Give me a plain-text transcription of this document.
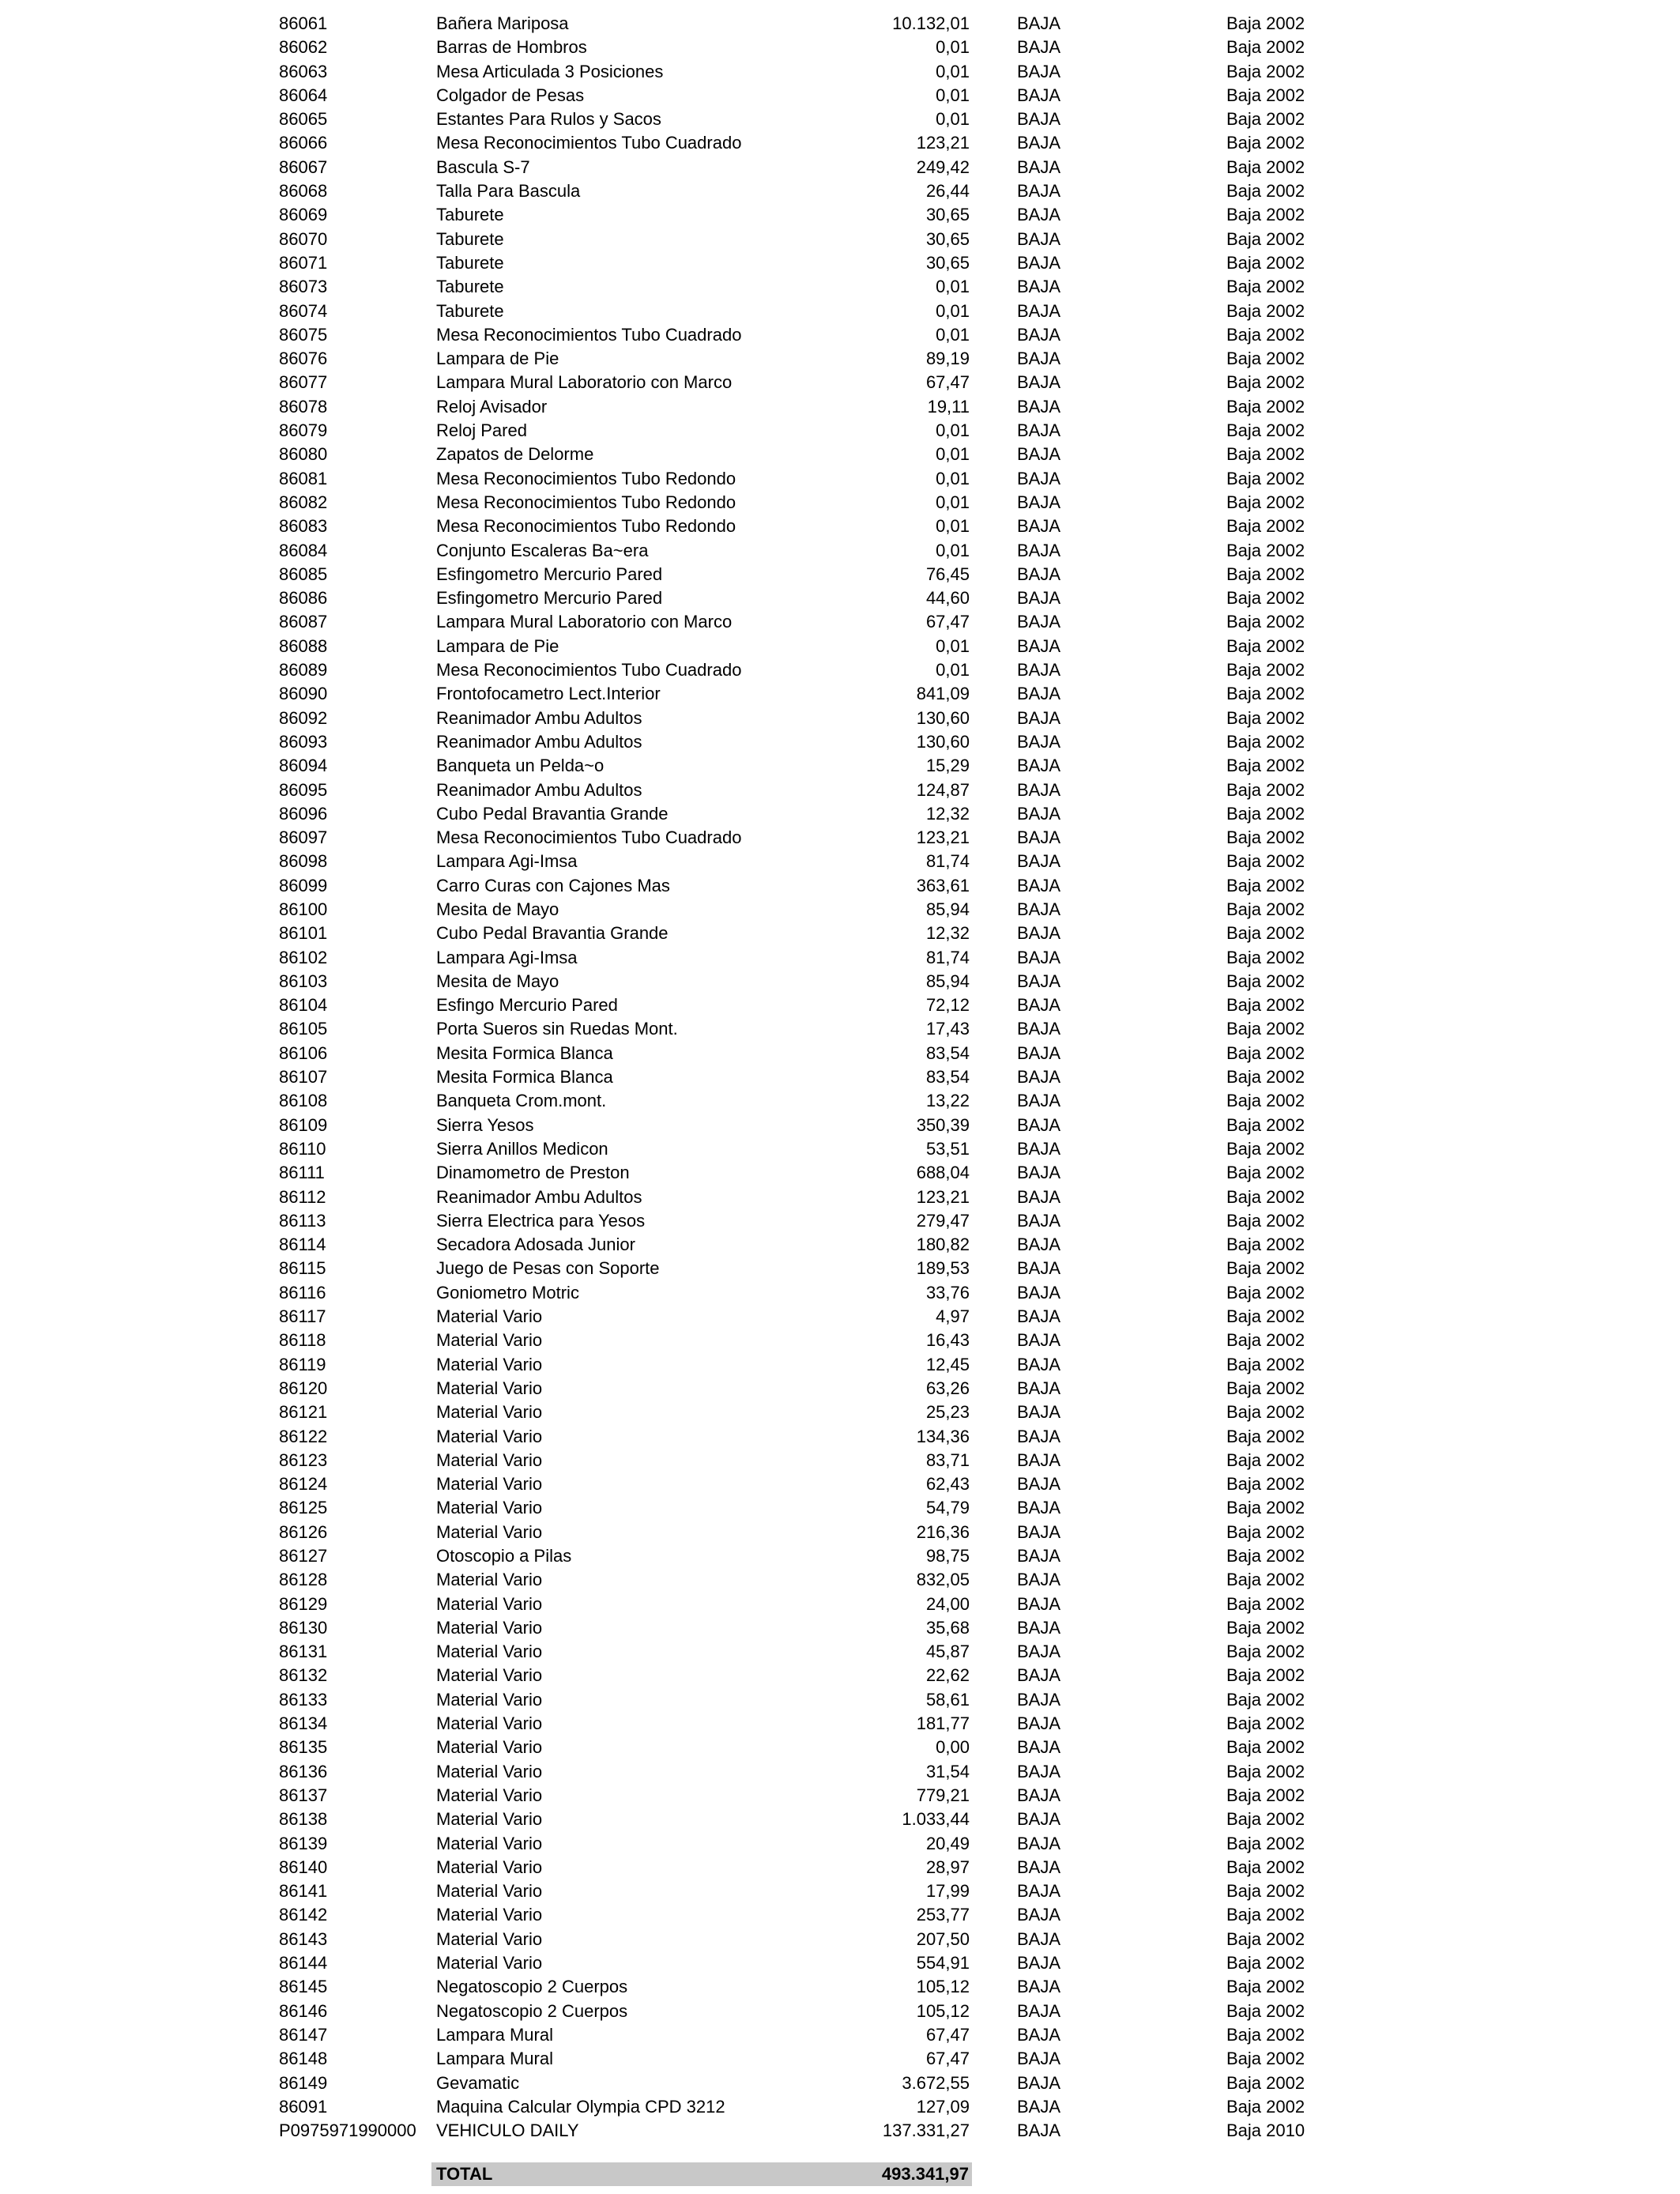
86061	Bañera Mariposa	10.132,01	BAJA	Baja 2002
86062	Barras de Hombros	0,01	BAJA	Baja 2002
86063	Mesa Articulada 3 Posiciones	0,01	BAJA	Baja 2002
86064	Colgador de Pesas	0,01	BAJA	Baja 2002
86065	Estantes Para Rulos y Sacos	0,01	BAJA	Baja 2002
86066	Mesa Reconocimientos Tubo Cuadrado	123,21	BAJA	Baja 2002
86067	Bascula S-7	249,42	BAJA	Baja 2002
86068	Talla Para Bascula	26,44	BAJA	Baja 2002
86069	Taburete	30,65	BAJA	Baja 2002
86070	Taburete	30,65	BAJA	Baja 2002
86071	Taburete	30,65	BAJA	Baja 2002
86073	Taburete	0,01	BAJA	Baja 2002
86074	Taburete	0,01	BAJA	Baja 2002
86075	Mesa Reconocimientos Tubo Cuadrado	0,01	BAJA	Baja 2002
86076	Lampara de Pie	89,19	BAJA	Baja 2002
86077	Lampara Mural Laboratorio con Marco	67,47	BAJA	Baja 2002
86078	Reloj Avisador	19,11	BAJA	Baja 2002
86079	Reloj Pared	0,01	BAJA	Baja 2002
86080	Zapatos de Delorme	0,01	BAJA	Baja 2002
86081	Mesa Reconocimientos Tubo Redondo	0,01	BAJA	Baja 2002
86082	Mesa Reconocimientos Tubo Redondo	0,01	BAJA	Baja 2002
86083	Mesa Reconocimientos Tubo Redondo	0,01	BAJA	Baja 2002
86084	Conjunto Escaleras Ba~era	0,01	BAJA	Baja 2002
86085	Esfingometro Mercurio Pared	76,45	BAJA	Baja 2002
86086	Esfingometro Mercurio Pared	44,60	BAJA	Baja 2002
86087	Lampara Mural Laboratorio con Marco	67,47	BAJA	Baja 2002
86088	Lampara de Pie	0,01	BAJA	Baja 2002
86089	Mesa Reconocimientos Tubo Cuadrado	0,01	BAJA	Baja 2002
86090	Frontofocametro Lect.Interior	841,09	BAJA	Baja 2002
86092	Reanimador Ambu Adultos	130,60	BAJA	Baja 2002
86093	Reanimador Ambu Adultos	130,60	BAJA	Baja 2002
86094	Banqueta un Pelda~o	15,29	BAJA	Baja 2002
86095	Reanimador Ambu Adultos	124,87	BAJA	Baja 2002
86096	Cubo Pedal Bravantia Grande	12,32	BAJA	Baja 2002
86097	Mesa Reconocimientos Tubo Cuadrado	123,21	BAJA	Baja 2002
86098	Lampara Agi-Imsa	81,74	BAJA	Baja 2002
86099	Carro Curas con Cajones Mas	363,61	BAJA	Baja 2002
86100	Mesita de Mayo	85,94	BAJA	Baja 2002
86101	Cubo Pedal Bravantia Grande	12,32	BAJA	Baja 2002
86102	Lampara Agi-Imsa	81,74	BAJA	Baja 2002
86103	Mesita de Mayo	85,94	BAJA	Baja 2002
86104	Esfingo Mercurio Pared	72,12	BAJA	Baja 2002
86105	Porta Sueros sin Ruedas Mont.	17,43	BAJA	Baja 2002
86106	Mesita Formica Blanca	83,54	BAJA	Baja 2002
86107	Mesita Formica Blanca	83,54	BAJA	Baja 2002
86108	Banqueta Crom.mont.	13,22	BAJA	Baja 2002
86109	Sierra Yesos	350,39	BAJA	Baja 2002
86110	Sierra Anillos Medicon	53,51	BAJA	Baja 2002
86111	Dinamometro de Preston	688,04	BAJA	Baja 2002
86112	Reanimador Ambu Adultos	123,21	BAJA	Baja 2002
86113	Sierra Electrica para Yesos	279,47	BAJA	Baja 2002
86114	Secadora Adosada Junior	180,82	BAJA	Baja 2002
86115	Juego de Pesas con Soporte	189,53	BAJA	Baja 2002
86116	Goniometro Motric	33,76	BAJA	Baja 2002
86117	Material Vario	4,97	BAJA	Baja 2002
86118	Material Vario	16,43	BAJA	Baja 2002
86119	Material Vario	12,45	BAJA	Baja 2002
86120	Material Vario	63,26	BAJA	Baja 2002
86121	Material Vario	25,23	BAJA	Baja 2002
86122	Material Vario	134,36	BAJA	Baja 2002
86123	Material Vario	83,71	BAJA	Baja 2002
86124	Material Vario	62,43	BAJA	Baja 2002
86125	Material Vario	54,79	BAJA	Baja 2002
86126	Material Vario	216,36	BAJA	Baja 2002
86127	Otoscopio a Pilas	98,75	BAJA	Baja 2002
86128	Material Vario	832,05	BAJA	Baja 2002
86129	Material Vario	24,00	BAJA	Baja 2002
86130	Material Vario	35,68	BAJA	Baja 2002
86131	Material Vario	45,87	BAJA	Baja 2002
86132	Material Vario	22,62	BAJA	Baja 2002
86133	Material Vario	58,61	BAJA	Baja 2002
86134	Material Vario	181,77	BAJA	Baja 2002
86135	Material Vario	0,00	BAJA	Baja 2002
86136	Material Vario	31,54	BAJA	Baja 2002
86137	Material Vario	779,21	BAJA	Baja 2002
86138	Material Vario	1.033,44	BAJA	Baja 2002
86139	Material Vario	20,49	BAJA	Baja 2002
86140	Material Vario	28,97	BAJA	Baja 2002
86141	Material Vario	17,99	BAJA	Baja 2002
86142	Material Vario	253,77	BAJA	Baja 2002
86143	Material Vario	207,50	BAJA	Baja 2002
86144	Material Vario	554,91	BAJA	Baja 2002
86145	Negatoscopio 2 Cuerpos	105,12	BAJA	Baja 2002
86146	Negatoscopio 2 Cuerpos	105,12	BAJA	Baja 2002
86147	Lampara Mural	67,47	BAJA	Baja 2002
86148	Lampara Mural	67,47	BAJA	Baja 2002
86149	Gevamatic	3.672,55	BAJA	Baja 2002
86091	Maquina Calcular Olympia CPD 3212	127,09	BAJA	Baja 2002
P0975971990000 VEHICULO DAILY	137.331,27	BAJA	Baja 2010
TOTAL	493.341,97
